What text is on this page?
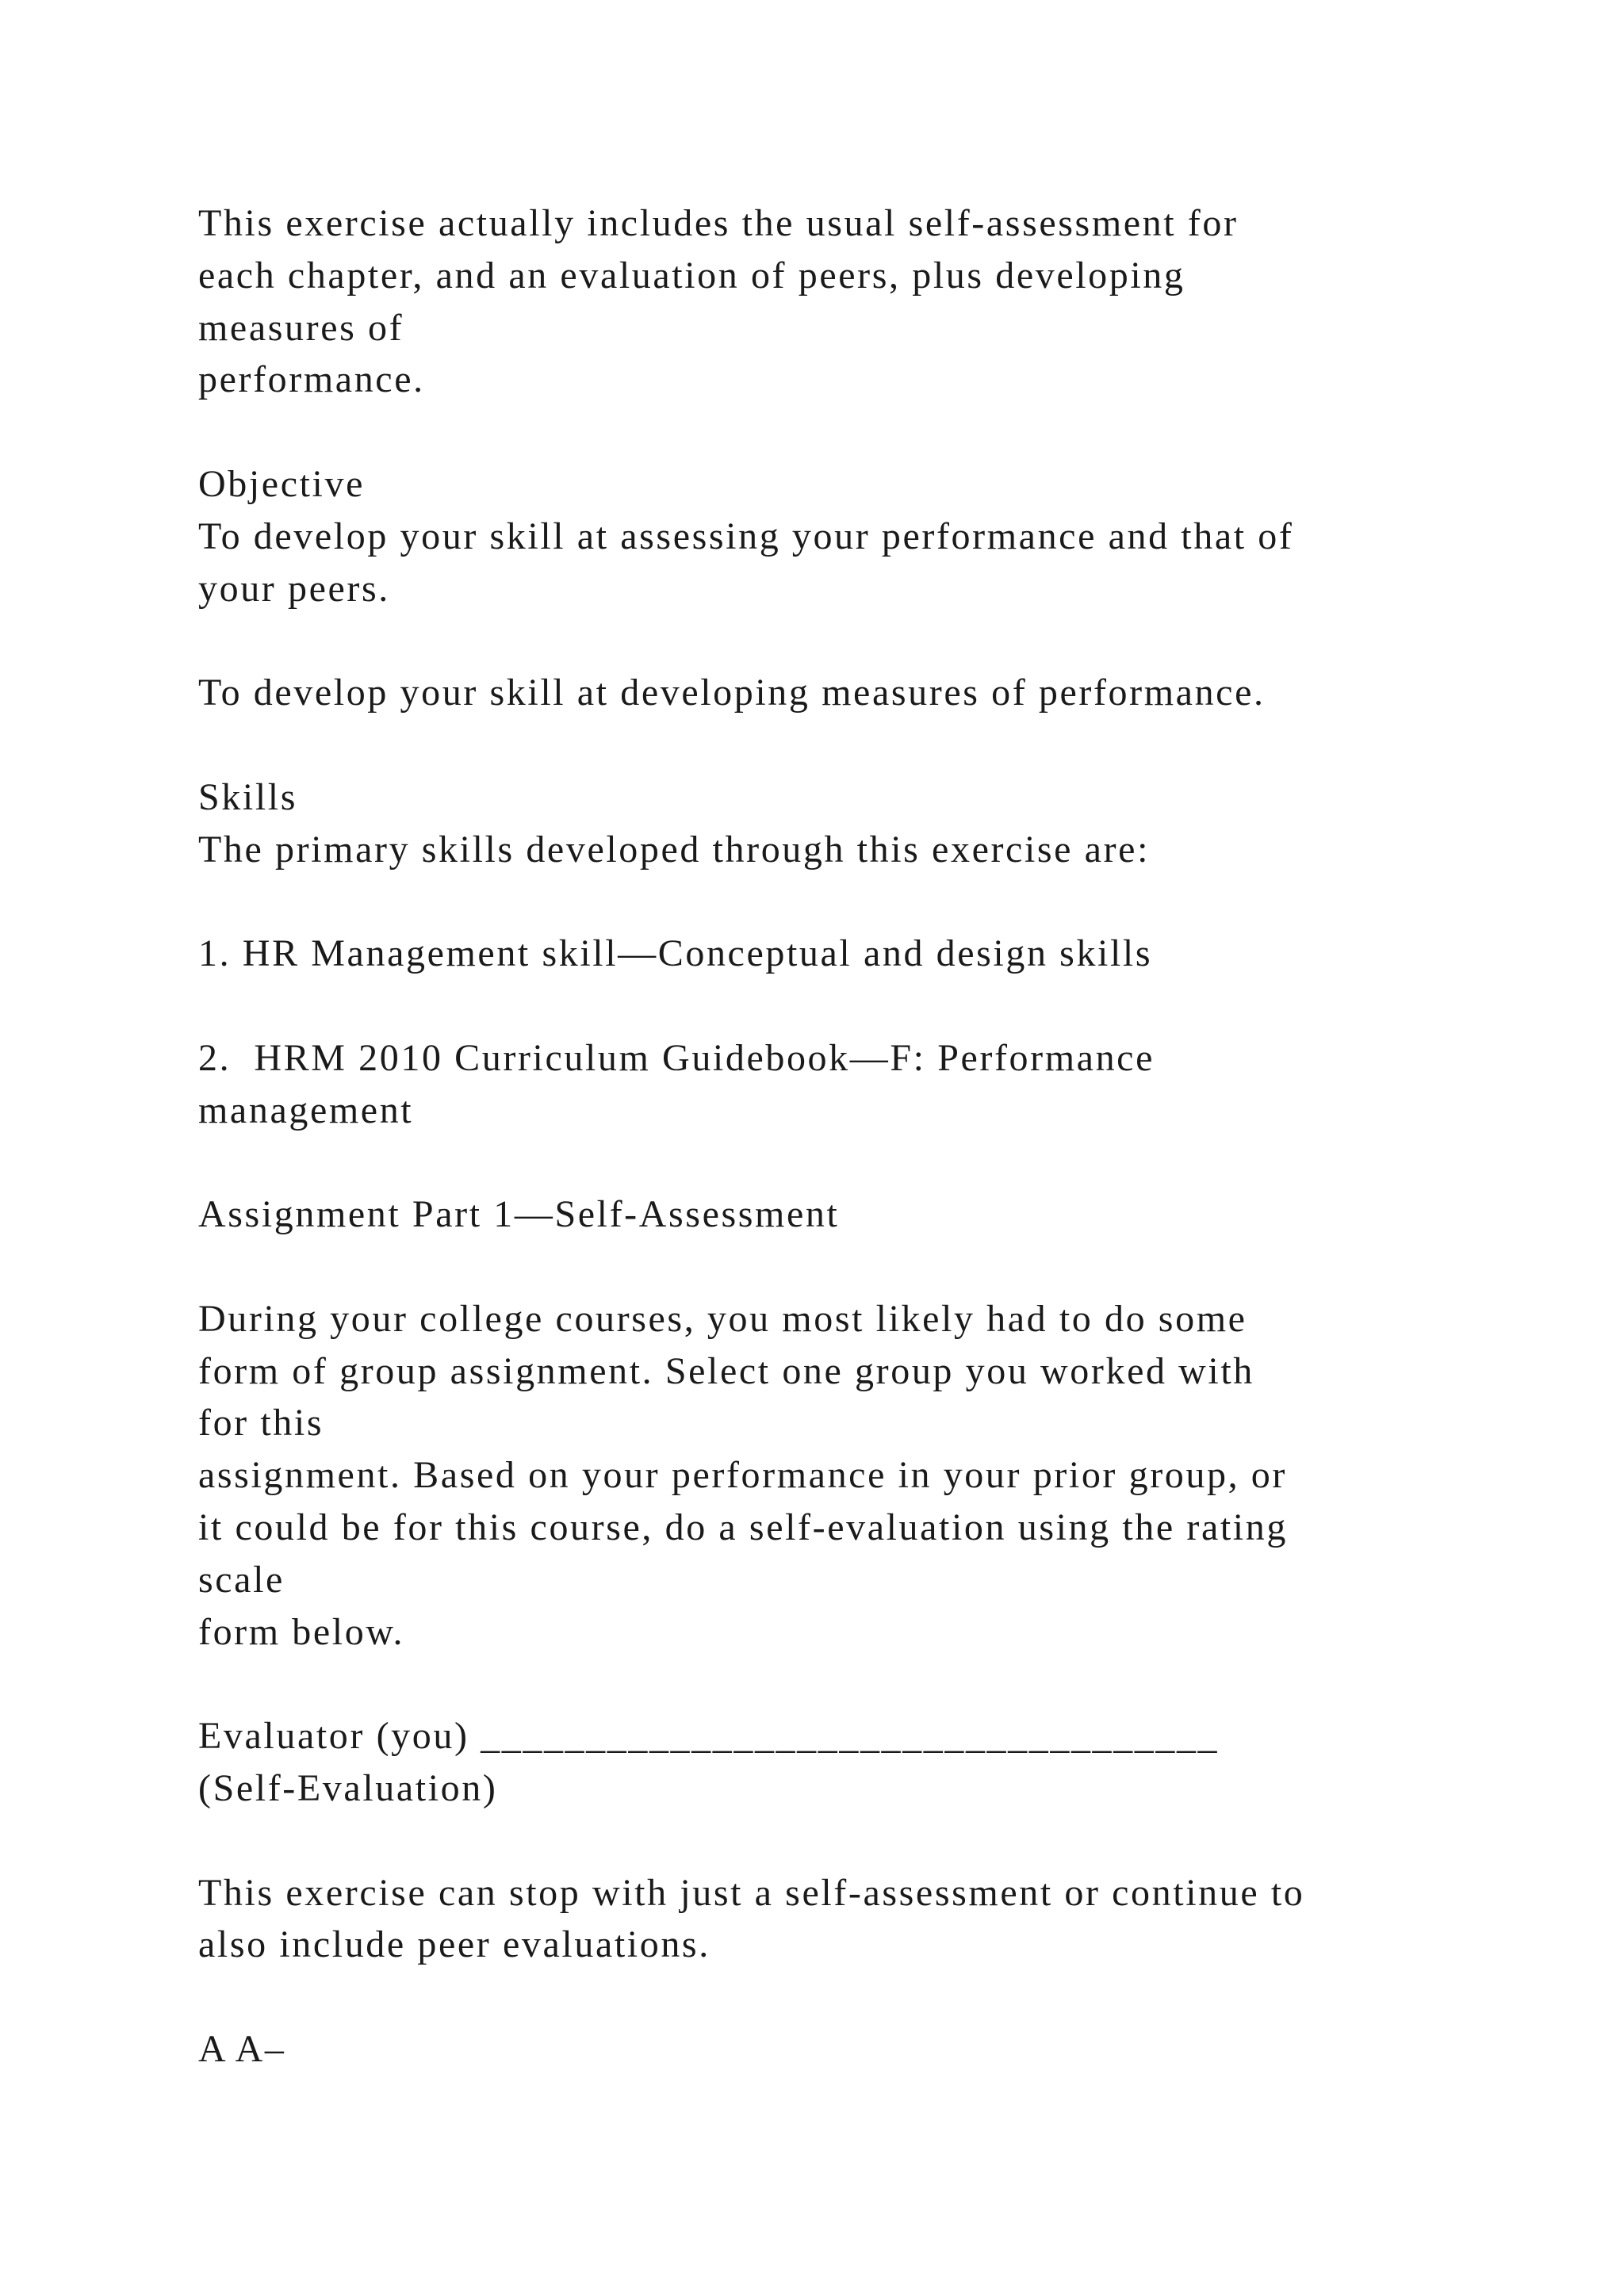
This exercise actually includes the usual self-assessment for
each chapter, and an evaluation of peers, plus developing
measures of
performance.
Objective
To develop your skill at assessing your performance and that of
your peers.
To develop your skill at developing measures of performance.
Skills
The primary skills developed through this exercise are:
1. HR Management skill—Conceptual and design skills
2.  HRM 2010 Curriculum Guidebook—F: Performance
management
Assignment Part 1—Self-Assessment
During your college courses, you most likely had to do some
form of group assignment. Select one group you worked with
for this
assignment. Based on your performance in your prior group, or
it could be for this course, do a self-evaluation using the rating
scale
form below.
Evaluator (you) ___________________________________
(Self-Evaluation)
This exercise can stop with just a self-assessment or continue to
also include peer evaluations.
A A–
